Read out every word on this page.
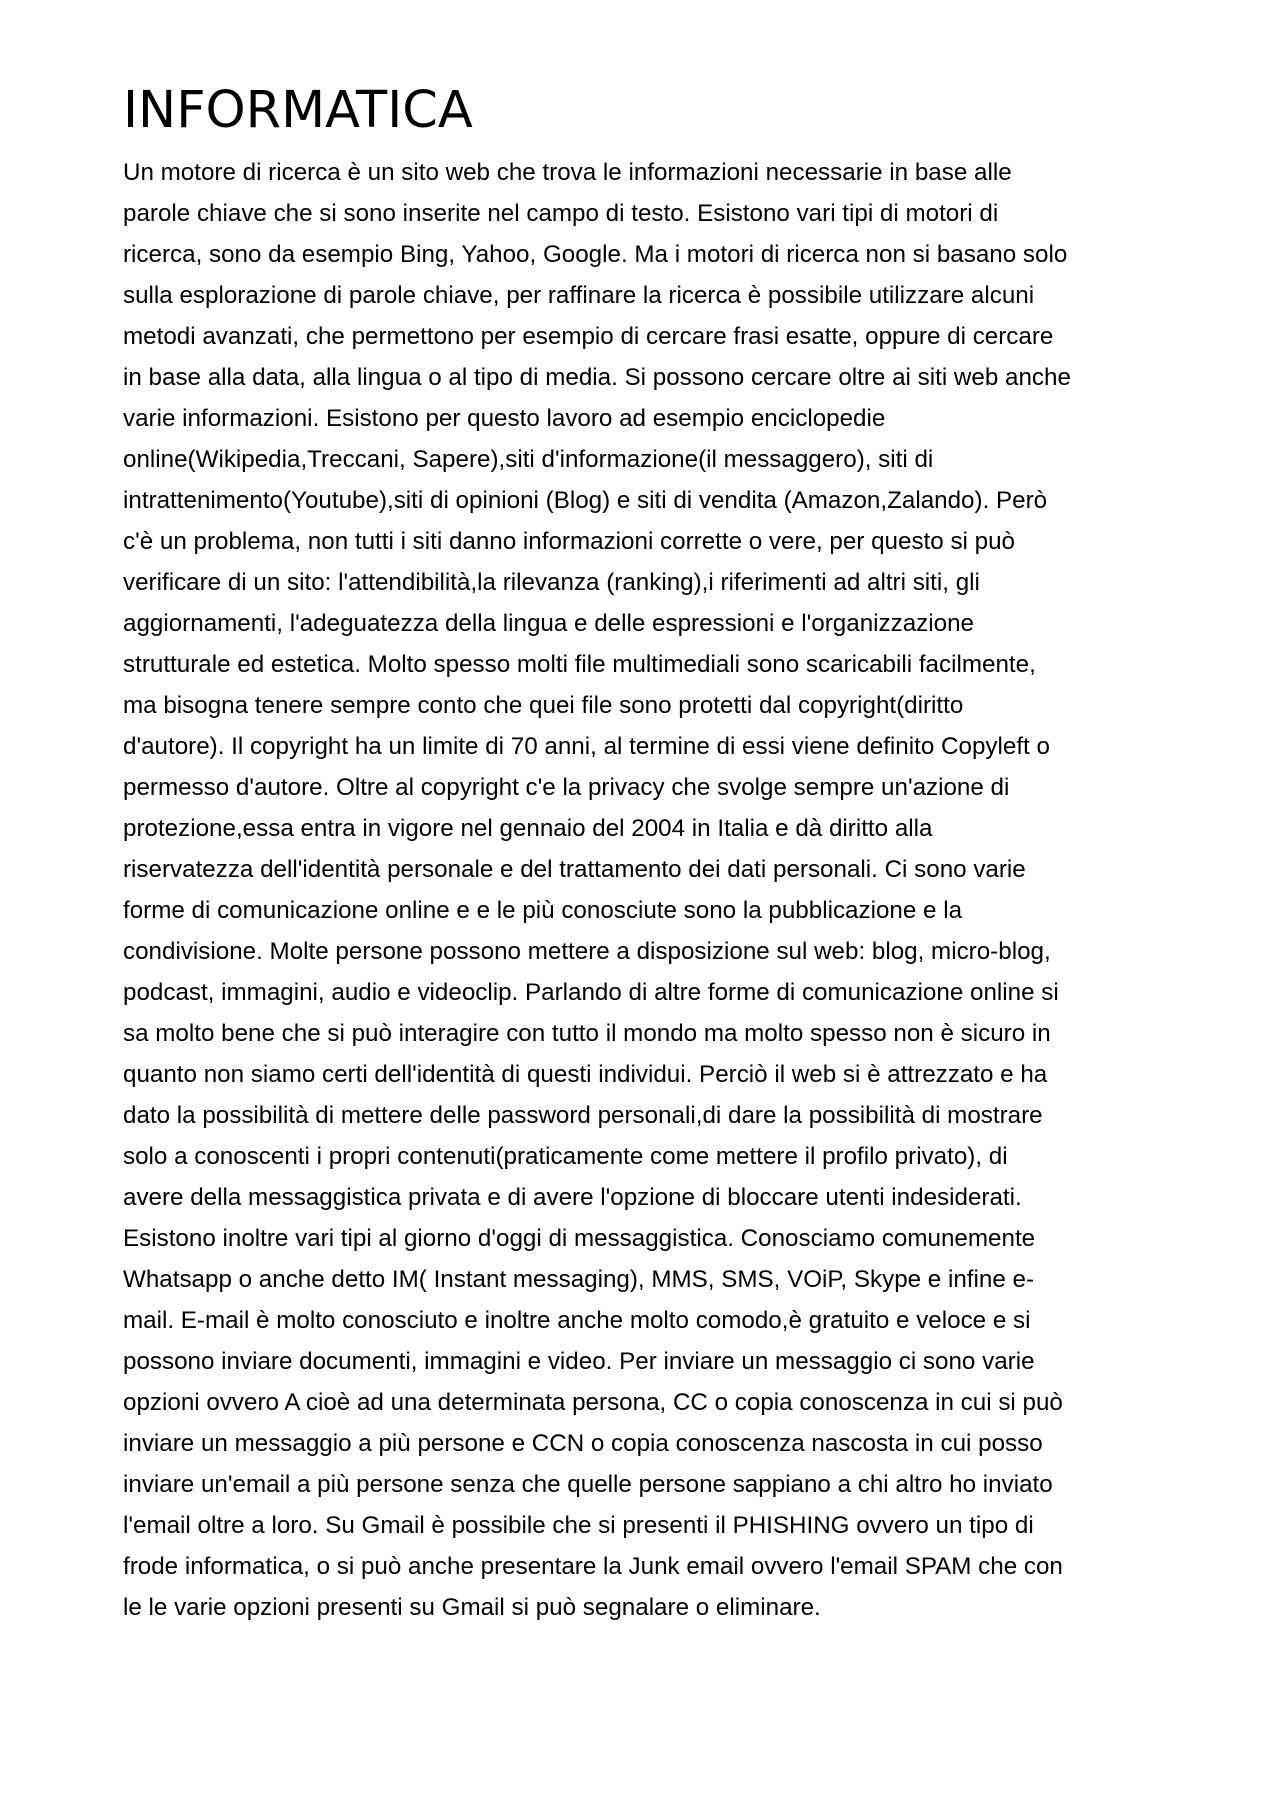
INFORMATICA
Un motore di ricerca è un sito web che trova le informazioni necessarie in base alle
parole chiave che si sono inserite nel campo di testo. Esistono vari tipi di motori di
ricerca, sono da esempio Bing, Yahoo, Google. Ma i motori di ricerca non si basano solo
sulla esplorazione di parole chiave, per raffinare la ricerca è possibile utilizzare alcuni
metodi avanzati, che permettono per esempio di cercare frasi esatte, oppure di cercare
in base alla data, alla lingua o al tipo di media. Si possono cercare oltre ai siti web anche
varie informazioni. Esistono per questo lavoro ad esempio enciclopedie
online(Wikipedia,Treccani, Sapere),siti d'informazione(il messaggero), siti di
intrattenimento(Youtube),siti di opinioni (Blog) e siti di vendita (Amazon,Zalando). Però
c'è un problema, non tutti i siti danno informazioni corrette o vere, per questo si può
verificare di un sito: l'attendibilità,la rilevanza (ranking),i riferimenti ad altri siti, gli
aggiornamenti, l'adeguatezza della lingua e delle espressioni e l'organizzazione
strutturale ed estetica. Molto spesso molti file multimediali sono scaricabili facilmente,
ma bisogna tenere sempre conto che quei file sono protetti dal copyright(diritto
d'autore). Il copyright ha un limite di 70 anni, al termine di essi viene definito Copyleft o
permesso d'autore. Oltre al copyright c'e la privacy che svolge sempre un'azione di
protezione,essa entra in vigore nel gennaio del 2004 in Italia e dà diritto alla
riservatezza dell'identità personale e del trattamento dei dati personali. Ci sono varie
forme di comunicazione online e e le più conosciute sono la pubblicazione e la
condivisione. Molte persone possono mettere a disposizione sul web: blog, micro-blog,
podcast, immagini, audio e videoclip. Parlando di altre forme di comunicazione online si
sa molto bene che si può interagire con tutto il mondo ma molto spesso non è sicuro in
quanto non siamo certi dell'identità di questi individui. Perciò il web si è attrezzato e ha
dato la possibilità di mettere delle password personali,di dare la possibilità di mostrare
solo a conoscenti i propri contenuti(praticamente come mettere il profilo privato), di
avere della messaggistica privata e di avere l'opzione di bloccare utenti indesiderati.
Esistono inoltre vari tipi al giorno d'oggi di messaggistica. Conosciamo comunemente
Whatsapp o anche detto IM( Instant messaging), MMS, SMS, VOiP, Skype e infine e-
mail. E-mail è molto conosciuto e inoltre anche molto comodo,è gratuito e veloce e si
possono inviare documenti, immagini e video. Per inviare un messaggio ci sono varie
opzioni ovvero A cioè ad una determinata persona, CC o copia conoscenza in cui si può
inviare un messaggio a più persone e CCN o copia conoscenza nascosta in cui posso
inviare un'email a più persone senza che quelle persone sappiano a chi altro ho inviato
l'email oltre a loro. Su Gmail è possibile che si presenti il PHISHING ovvero un tipo di
frode informatica, o si può anche presentare la Junk email ovvero l'email SPAM che con
le le varie opzioni presenti su Gmail si può segnalare o eliminare.
